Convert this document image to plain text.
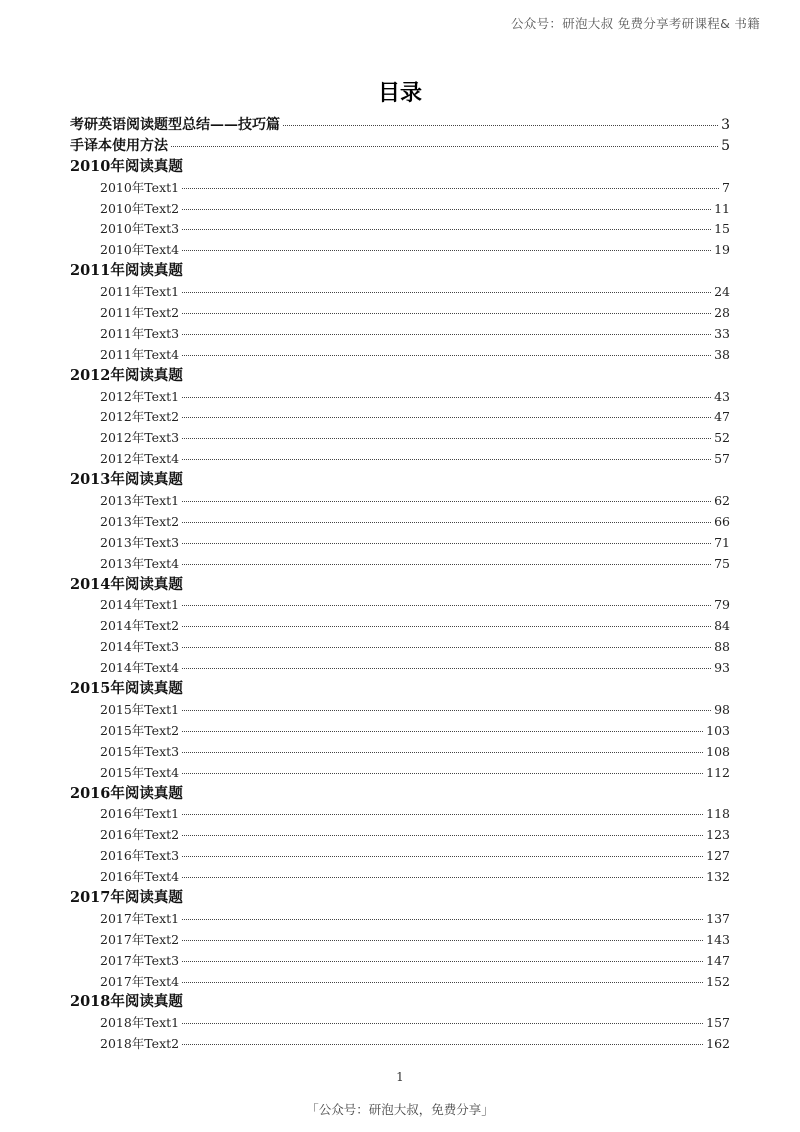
公众号：研泡大叔 免费分享考研课程& 书籍
目录
考研英语阅读题型总结——技巧篇	3
手译本使用方法	5
2010年阅读真题
2010年Text1	7
2010年Text2	11
2010年Text3	15
2010年Text4	19
2011年阅读真题
2011年Text1	24
2011年Text2	28
2011年Text3	33
2011年Text4	38
2012年阅读真题
2012年Text1	43
2012年Text2	47
2012年Text3	52
2012年Text4	57
2013年阅读真题
2013年Text1	62
2013年Text2	66
2013年Text3	71
2013年Text4	75
2014年阅读真题
2014年Text1	79
2014年Text2	84
2014年Text3	88
2014年Text4	93
2015年阅读真题
2015年Text1	98
2015年Text2	103
2015年Text3	108
2015年Text4	112
2016年阅读真题
2016年Text1	118
2016年Text2	123
2016年Text3	127
2016年Text4	132
2017年阅读真题
2017年Text1	137
2017年Text2	143
2017年Text3	147
2017年Text4	152
2018年阅读真题
2018年Text1	157
2018年Text2	162
1
「公众号：研泡大叔，免费分享」
